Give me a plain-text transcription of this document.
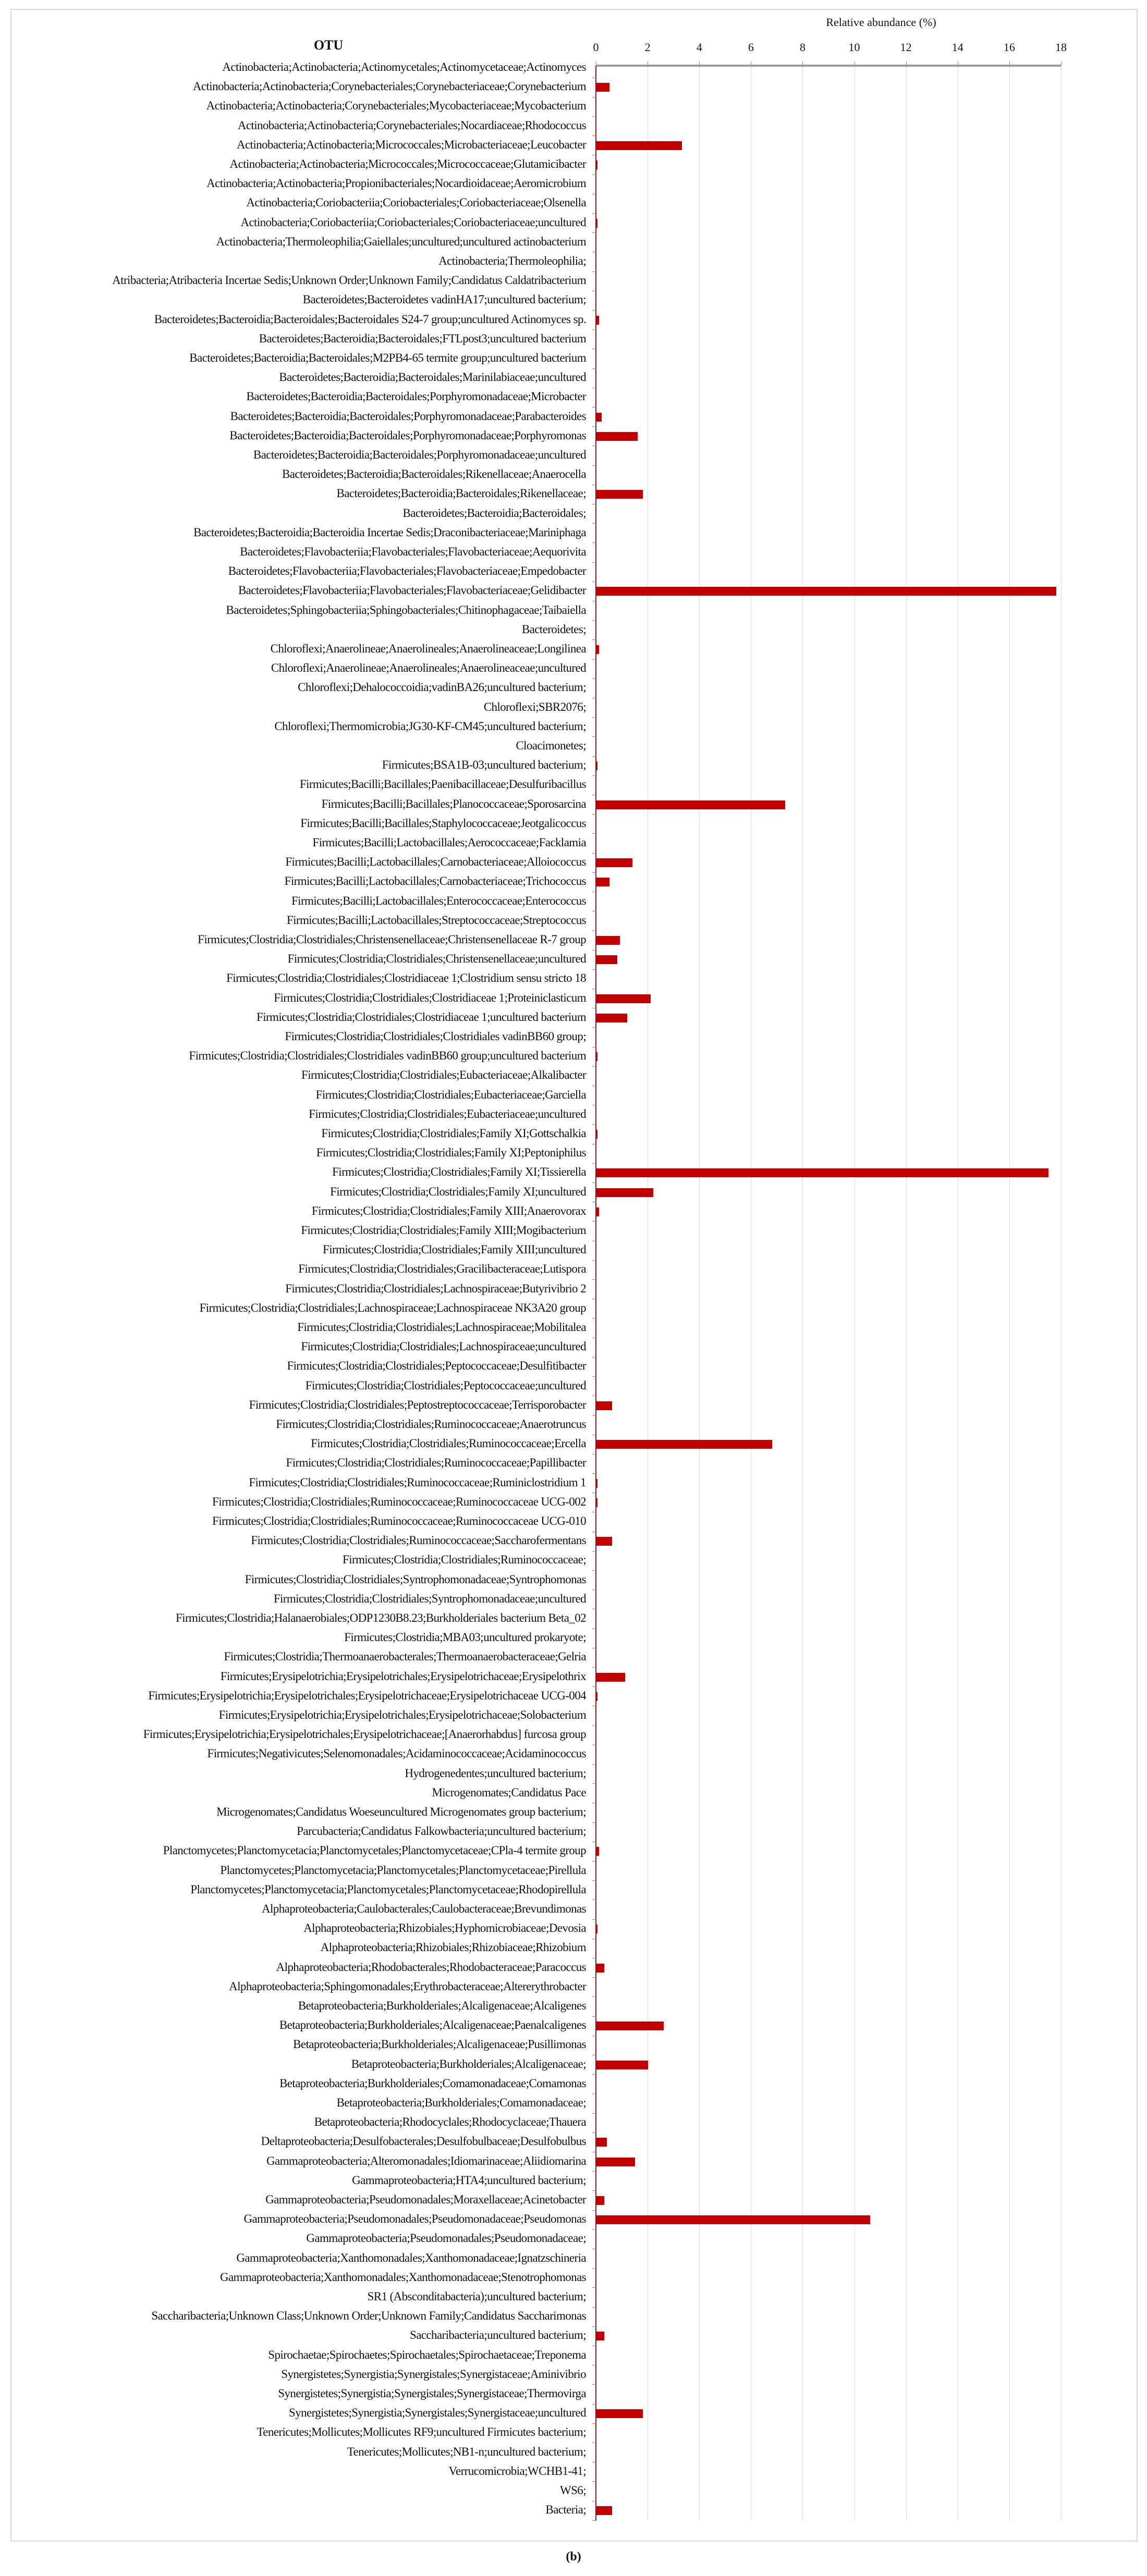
Relative abundance (%)
OTU	0	2	4	6	8	10	12	14	16	18
Actinobacteria;Actinobacteria;Actinomycetales;Actinomycetaceae;Actinomyces
Actinobacteria;Actinobacteria;Corynebacteriales;Corynebacteriaceae;Corynebacterium
Actinobacteria;Actinobacteria;Corynebacteriales;Mycobacteriaceae;Mycobacterium
Actinobacteria;Actinobacteria;Corynebacteriales;Nocardiaceae;Rhodococcus
Actinobacteria;Actinobacteria;Micrococcales;Microbacteriaceae;Leucobacter
Actinobacteria;Actinobacteria;Micrococcales;Micrococcaceae;Glutamicibacter
Actinobacteria;Actinobacteria;Propionibacteriales;Nocardioidaceae;Aeromicrobium
Actinobacteria;Coriobacteriia;Coriobacteriales;Coriobacteriaceae;Olsenella
Actinobacteria;Coriobacteriia;Coriobacteriales;Coriobacteriaceae;uncultured
Actinobacteria;Thermoleophilia;Gaiellales;uncultured;uncultured actinobacterium
Actinobacteria;Thermoleophilia;
Atribacteria;Atribacteria Incertae Sedis;Unknown Order;Unknown Family;Candidatus Caldatribacterium
Bacteroidetes;Bacteroidetes vadinHA17;uncultured bacterium;
Bacteroidetes;Bacteroidia;Bacteroidales;Bacteroidales S24-7 group;uncultured Actinomyces sp.
Bacteroidetes;Bacteroidia;Bacteroidales;FTLpost3;uncultured bacterium
Bacteroidetes;Bacteroidia;Bacteroidales;M2PB4-65 termite group;uncultured bacterium
Bacteroidetes;Bacteroidia;Bacteroidales;Marinilabiaceae;uncultured
Bacteroidetes;Bacteroidia;Bacteroidales;Porphyromonadaceae;Microbacter
Bacteroidetes;Bacteroidia;Bacteroidales;Porphyromonadaceae;Parabacteroides
Bacteroidetes;Bacteroidia;Bacteroidales;Porphyromonadaceae;Porphyromonas
Bacteroidetes;Bacteroidia;Bacteroidales;Porphyromonadaceae;uncultured
Bacteroidetes;Bacteroidia;Bacteroidales;Rikenellaceae;Anaerocella
Bacteroidetes;Bacteroidia;Bacteroidales;Rikenellaceae;
Bacteroidetes;Bacteroidia;Bacteroidales;
Bacteroidetes;Bacteroidia;Bacteroidia Incertae Sedis;Draconibacteriaceae;Mariniphaga
Bacteroidetes;Flavobacteriia;Flavobacteriales;Flavobacteriaceae;Aequorivita
Bacteroidetes;Flavobacteriia;Flavobacteriales;Flavobacteriaceae;Empedobacter
Bacteroidetes;Flavobacteriia;Flavobacteriales;Flavobacteriaceae;Gelidibacter
Bacteroidetes;Sphingobacteriia;Sphingobacteriales;Chitinophagaceae;Taibaiella
Bacteroidetes;
Chloroflexi;Anaerolineae;Anaerolineales;Anaerolineaceae;Longilinea
Chloroflexi;Anaerolineae;Anaerolineales;Anaerolineaceae;uncultured
Chloroflexi;Dehalococcoidia;vadinBA26;uncultured bacterium;
Chloroflexi;SBR2076;
Chloroflexi;Thermomicrobia;JG30-KF-CM45;uncultured bacterium;
Cloacimonetes;
Firmicutes;BSA1B-03;uncultured bacterium;
Firmicutes;Bacilli;Bacillales;Paenibacillaceae;Desulfuribacillus
Firmicutes;Bacilli;Bacillales;Planococcaceae;Sporosarcina
Firmicutes;Bacilli;Bacillales;Staphylococcaceae;Jeotgalicoccus
Firmicutes;Bacilli;Lactobacillales;Aerococcaceae;Facklamia
Firmicutes;Bacilli;Lactobacillales;Carnobacteriaceae;Alloiococcus
Firmicutes;Bacilli;Lactobacillales;Carnobacteriaceae;Trichococcus
Firmicutes;Bacilli;Lactobacillales;Enterococcaceae;Enterococcus
Firmicutes;Bacilli;Lactobacillales;Streptococcaceae;Streptococcus
Firmicutes;Clostridia;Clostridiales;Christensenellaceae;Christensenellaceae R-7 group
Firmicutes;Clostridia;Clostridiales;Christensenellaceae;uncultured
Firmicutes;Clostridia;Clostridiales;Clostridiaceae 1;Clostridium sensu stricto 18
Firmicutes;Clostridia;Clostridiales;Clostridiaceae 1;Proteiniclasticum
Firmicutes;Clostridia;Clostridiales;Clostridiaceae 1;uncultured bacterium
Firmicutes;Clostridia;Clostridiales;Clostridiales vadinBB60 group;
Firmicutes;Clostridia;Clostridiales;Clostridiales vadinBB60 group;uncultured bacterium
Firmicutes;Clostridia;Clostridiales;Eubacteriaceae;Alkalibacter
Firmicutes;Clostridia;Clostridiales;Eubacteriaceae;Garciella
Firmicutes;Clostridia;Clostridiales;Eubacteriaceae;uncultured
Firmicutes;Clostridia;Clostridiales;Family XI;Gottschalkia
Firmicutes;Clostridia;Clostridiales;Family XI;Peptoniphilus
Firmicutes;Clostridia;Clostridiales;Family XI;Tissierella
Firmicutes;Clostridia;Clostridiales;Family XI;uncultured
Firmicutes;Clostridia;Clostridiales;Family XIII;Anaerovorax
Firmicutes;Clostridia;Clostridiales;Family XIII;Mogibacterium
Firmicutes;Clostridia;Clostridiales;Family XIII;uncultured
Firmicutes;Clostridia;Clostridiales;Gracilibacteraceae;Lutispora
Firmicutes;Clostridia;Clostridiales;Lachnospiraceae;Butyrivibrio 2
Firmicutes;Clostridia;Clostridiales;Lachnospiraceae;Lachnospiraceae NK3A20 group
Firmicutes;Clostridia;Clostridiales;Lachnospiraceae;Mobilitalea
Firmicutes;Clostridia;Clostridiales;Lachnospiraceae;uncultured
Firmicutes;Clostridia;Clostridiales;Peptococcaceae;Desulfitibacter
Firmicutes;Clostridia;Clostridiales;Peptococcaceae;uncultured
Firmicutes;Clostridia;Clostridiales;Peptostreptococcaceae;Terrisporobacter
Firmicutes;Clostridia;Clostridiales;Ruminococcaceae;Anaerotruncus
Firmicutes;Clostridia;Clostridiales;Ruminococcaceae;Ercella
Firmicutes;Clostridia;Clostridiales;Ruminococcaceae;Papillibacter
Firmicutes;Clostridia;Clostridiales;Ruminococcaceae;Ruminiclostridium 1
Firmicutes;Clostridia;Clostridiales;Ruminococcaceae;Ruminococcaceae UCG-002
Firmicutes;Clostridia;Clostridiales;Ruminococcaceae;Ruminococcaceae UCG-010
Firmicutes;Clostridia;Clostridiales;Ruminococcaceae;Saccharofermentans
Firmicutes;Clostridia;Clostridiales;Ruminococcaceae;
Firmicutes;Clostridia;Clostridiales;Syntrophomonadaceae;Syntrophomonas
Firmicutes;Clostridia;Clostridiales;Syntrophomonadaceae;uncultured
Firmicutes;Clostridia;Halanaerobiales;ODP1230B8.23;Burkholderiales bacterium Beta_02
Firmicutes;Clostridia;MBA03;uncultured prokaryote;
Firmicutes;Clostridia;Thermoanaerobacterales;Thermoanaerobacteraceae;Gelria
Firmicutes;Erysipelotrichia;Erysipelotrichales;Erysipelotrichaceae;Erysipelothrix
Firmicutes;Erysipelotrichia;Erysipelotrichales;Erysipelotrichaceae;Erysipelotrichaceae UCG-004
Firmicutes;Erysipelotrichia;Erysipelotrichales;Erysipelotrichaceae;Solobacterium
Firmicutes;Erysipelotrichia;Erysipelotrichales;Erysipelotrichaceae;[Anaerorhabdus] furcosa group
Firmicutes;Negativicutes;Selenomonadales;Acidaminococcaceae;Acidaminococcus
Hydrogenedentes;uncultured bacterium;
Microgenomates;Candidatus Pace
Microgenomates;Candidatus Woeseuncultured Microgenomates group bacterium;
Parcubacteria;Candidatus Falkowbacteria;uncultured bacterium;
Planctomycetes;Planctomycetacia;Planctomycetales;Planctomycetaceae;CPla-4 termite group
Planctomycetes;Planctomycetacia;Planctomycetales;Planctomycetaceae;Pirellula
Planctomycetes;Planctomycetacia;Planctomycetales;Planctomycetaceae;Rhodopirellula
Alphaproteobacteria;Caulobacterales;Caulobacteraceae;Brevundimonas
Alphaproteobacteria;Rhizobiales;Hyphomicrobiaceae;Devosia
Alphaproteobacteria;Rhizobiales;Rhizobiaceae;Rhizobium
Alphaproteobacteria;Rhodobacterales;Rhodobacteraceae;Paracoccus
Alphaproteobacteria;Sphingomonadales;Erythrobacteraceae;Altererythrobacter
Betaproteobacteria;Burkholderiales;Alcaligenaceae;Alcaligenes
Betaproteobacteria;Burkholderiales;Alcaligenaceae;Paenalcaligenes
Betaproteobacteria;Burkholderiales;Alcaligenaceae;Pusillimonas
Betaproteobacteria;Burkholderiales;Alcaligenaceae;
Betaproteobacteria;Burkholderiales;Comamonadaceae;Comamonas
Betaproteobacteria;Burkholderiales;Comamonadaceae;
Betaproteobacteria;Rhodocyclales;Rhodocyclaceae;Thauera
Deltaproteobacteria;Desulfobacterales;Desulfobulbaceae;Desulfobulbus
Gammaproteobacteria;Alteromonadales;Idiomarinaceae;Aliidiomarina
Gammaproteobacteria;HTA4;uncultured bacterium;
Gammaproteobacteria;Pseudomonadales;Moraxellaceae;Acinetobacter
Gammaproteobacteria;Pseudomonadales;Pseudomonadaceae;Pseudomonas
Gammaproteobacteria;Pseudomonadales;Pseudomonadaceae;
Gammaproteobacteria;Xanthomonadales;Xanthomonadaceae;Ignatzschineria
Gammaproteobacteria;Xanthomonadales;Xanthomonadaceae;Stenotrophomonas
SR1 (Absconditabacteria);uncultured bacterium;
Saccharibacteria;Unknown Class;Unknown Order;Unknown Family;Candidatus Saccharimonas
Saccharibacteria;uncultured bacterium;
Spirochaetae;Spirochaetes;Spirochaetales;Spirochaetaceae;Treponema
Synergistetes;Synergistia;Synergistales;Synergistaceae;Aminivibrio
Synergistetes;Synergistia;Synergistales;Synergistaceae;Thermovirga
Synergistetes;Synergistia;Synergistales;Synergistaceae;uncultured
Tenericutes;Mollicutes;Mollicutes RF9;uncultured Firmicutes bacterium;
Tenericutes;Mollicutes;NB1-n;uncultured bacterium;
Verrucomicrobia;WCHB1-41;
WS6;
Bacteria;
(b)
